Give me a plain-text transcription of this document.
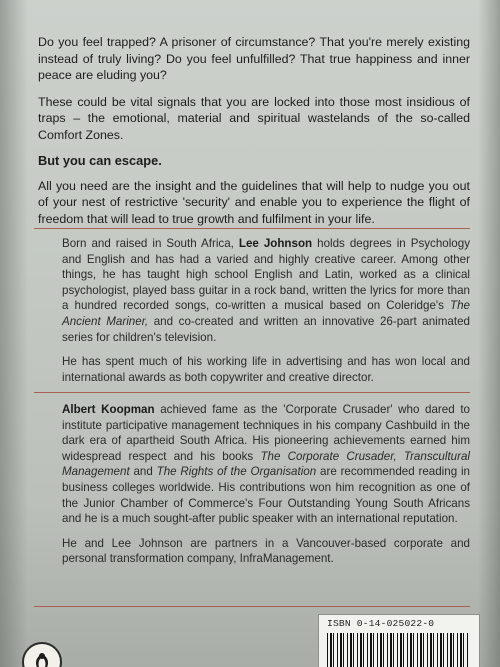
Do you feel trapped? A prisoner of circumstance? That you're merely existing instead of truly living? Do you feel unfulfilled? That true happiness and inner peace are eluding you?

These could be vital signals that you are locked into those most insidious of traps – the emotional, material and spiritual wastelands of the so-called Comfort Zones.

But you can escape.

All you need are the insight and the guidelines that will help to nudge you out of your nest of restrictive 'security' and enable you to experience the flight of freedom that will lead to true growth and fulfilment in your life.

Born and raised in South Africa, Lee Johnson holds degrees in Psychology and English and has had a varied and highly creative career. Among other things, he has taught high school English and Latin, worked as a clinical psychologist, played bass guitar in a rock band, written the lyrics for more than a hundred recorded songs, co-written a musical based on Coleridge's The Ancient Mariner, and co-created and written an innovative 26-part animated series for children's television.

He has spent much of his working life in advertising and has won local and international awards as both copywriter and creative director.

Albert Koopman achieved fame as the 'Corporate Crusader' who dared to institute participative management techniques in his company Cashbuild in the dark era of apartheid South Africa. His pioneering achievements earned him widespread respect and his books The Corporate Crusader, Transcultural Management and The Rights of the Organisation are recommended reading in business colleges worldwide. His contributions won him recognition as one of the Junior Chamber of Commerce's Four Outstanding Young South Africans and he is a much sought-after public speaker with an international reputation.

He and Lee Johnson are partners in a Vancouver-based corporate and personal transformation company, InfraManagement.

ISBN 0-14-025022-0
